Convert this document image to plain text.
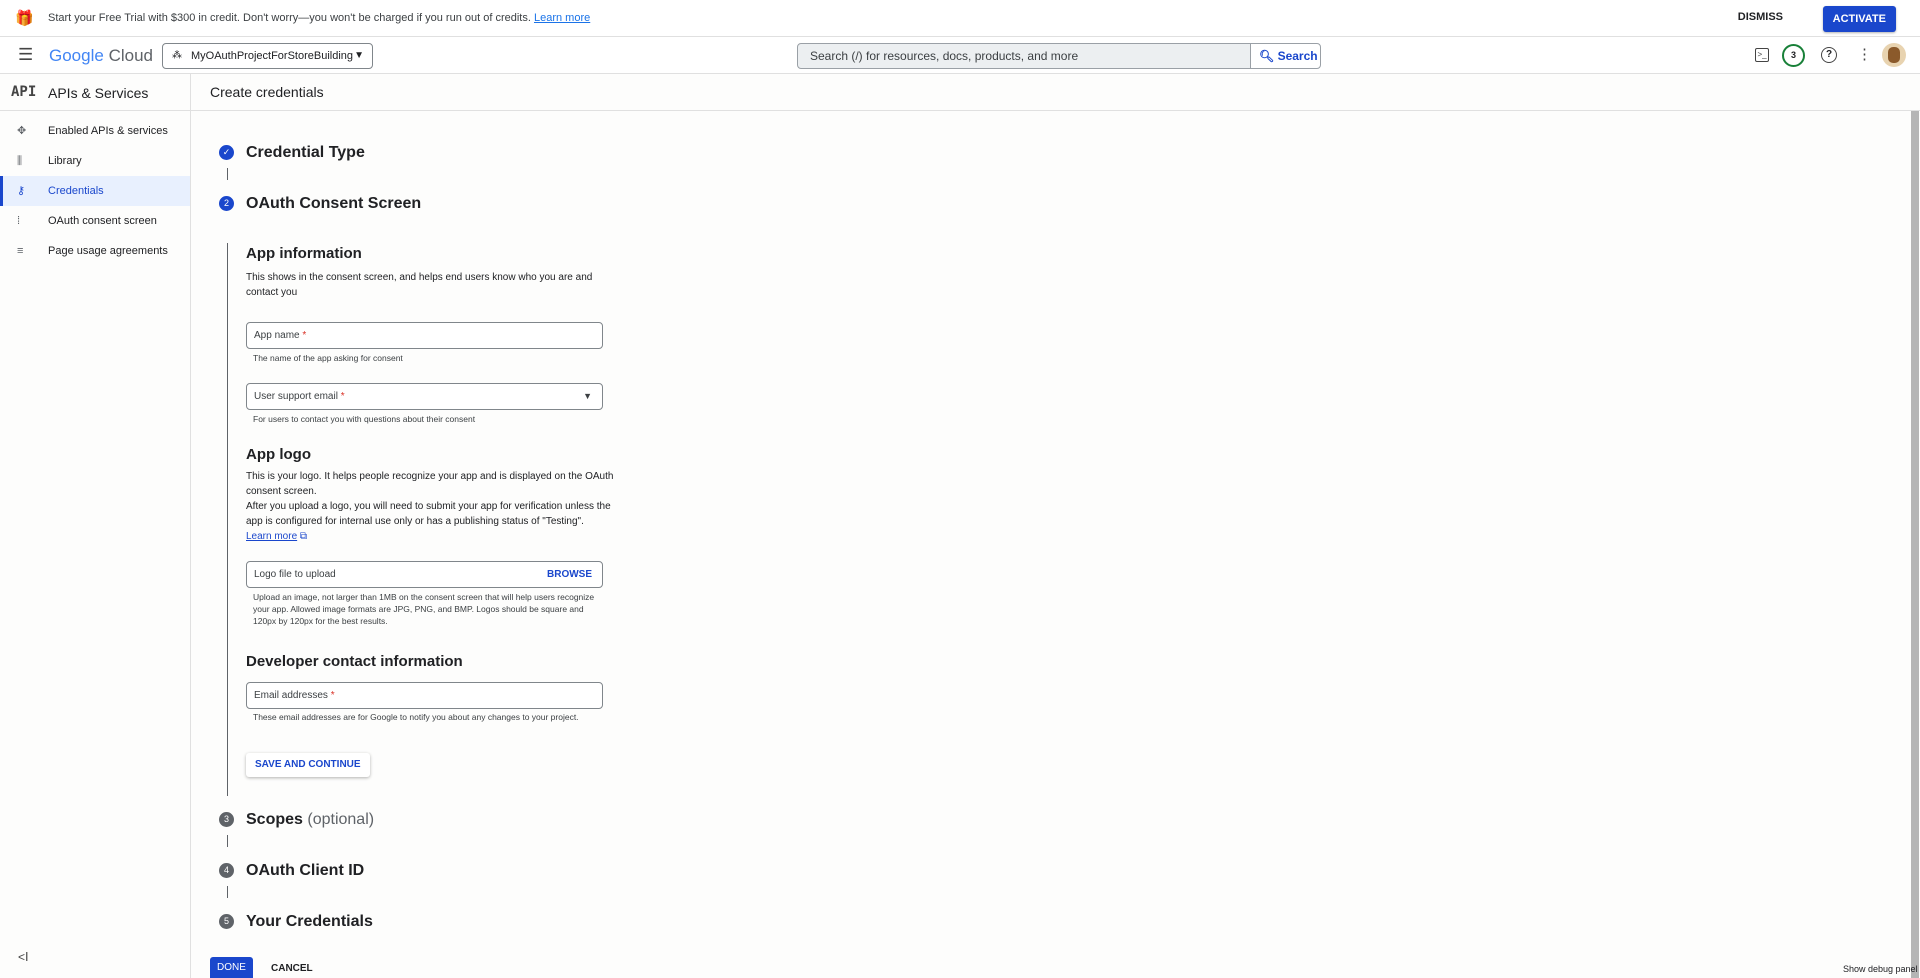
🎁 Start your Free Trial with $300 in credit. Don't worry—you won't be charged if you run out of credits. Learn more	DISMISS	ACTIVATE
☰ Google Cloud ⁂ MyOAuthProjectForStoreBuilding ▼	Search (/) for resources, docs, products, and more	🔍︎ Search	>_	3	?	⋮
API APIs & Services
✥ Enabled APIs & services
⫼ Library
⚷ Credentials
⁞	OAuth consent screen
≡ Page usage agreements
<Ⅰ
Create credentials
✓ Credential Type
2	OAuth Consent Screen
App information
This shows in the consent screen, and helps end users know who you are and contact you
App name *
The name of the app asking for consent
User support email *	▼
For users to contact you with questions about their consent
App logo
This is your logo. It helps people recognize your app and is displayed on the OAuth consent screen.
After you upload a logo, you will need to submit your app for verification unless the app is configured for internal use only or has a publishing status of "Testing".
Learn more ⧉
Logo file to upload	BROWSE
Upload an image, not larger than 1MB on the consent screen that will help users recognize your app. Allowed image formats are JPG, PNG, and BMP. Logos should be square and 120px by 120px for the best results.
Developer contact information
Email addresses *
These email addresses are for Google to notify you about any changes to your project.
SAVE AND CONTINUE
3	Scopes (optional)
4	OAuth Client ID
5	Your Credentials
DONE	CANCEL	Show debug panel
